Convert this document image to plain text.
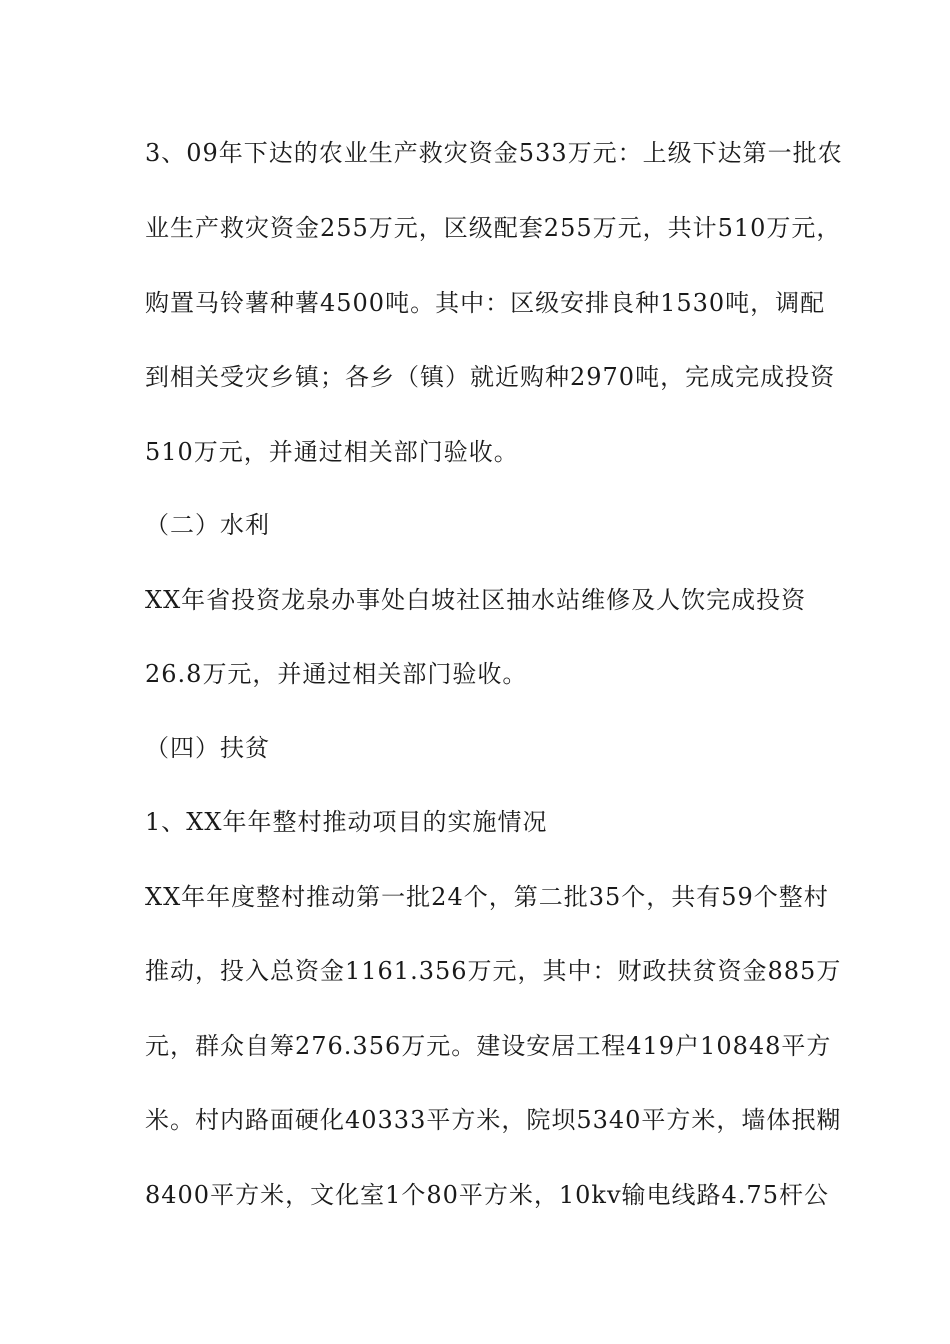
3、09年下达的农业生产救灾资金533万元：上级下达第一批农
业生产救灾资金255万元，区级配套255万元，共计510万元，
购置马铃薯种薯4500吨。其中：区级安排良种1530吨，调配
到相关受灾乡镇；各乡（镇）就近购种2970吨，完成完成投资
510万元，并通过相关部门验收。
（二）水利
XX年省投资龙泉办事处白坡社区抽水站维修及人饮完成投资
26.8万元，并通过相关部门验收。
（四）扶贫
1、XX年年整村推动项目的实施情况
XX年年度整村推动第一批24个，第二批35个，共有59个整村
推动，投入总资金1161.356万元，其中：财政扶贫资金885万
元，群众自筹276.356万元。建设安居工程419户10848平方
米。村内路面硬化40333平方米，院坝5340平方米，墙体抿糊
8400平方米，文化室1个80平方米，10kv输电线路4.75杆公
